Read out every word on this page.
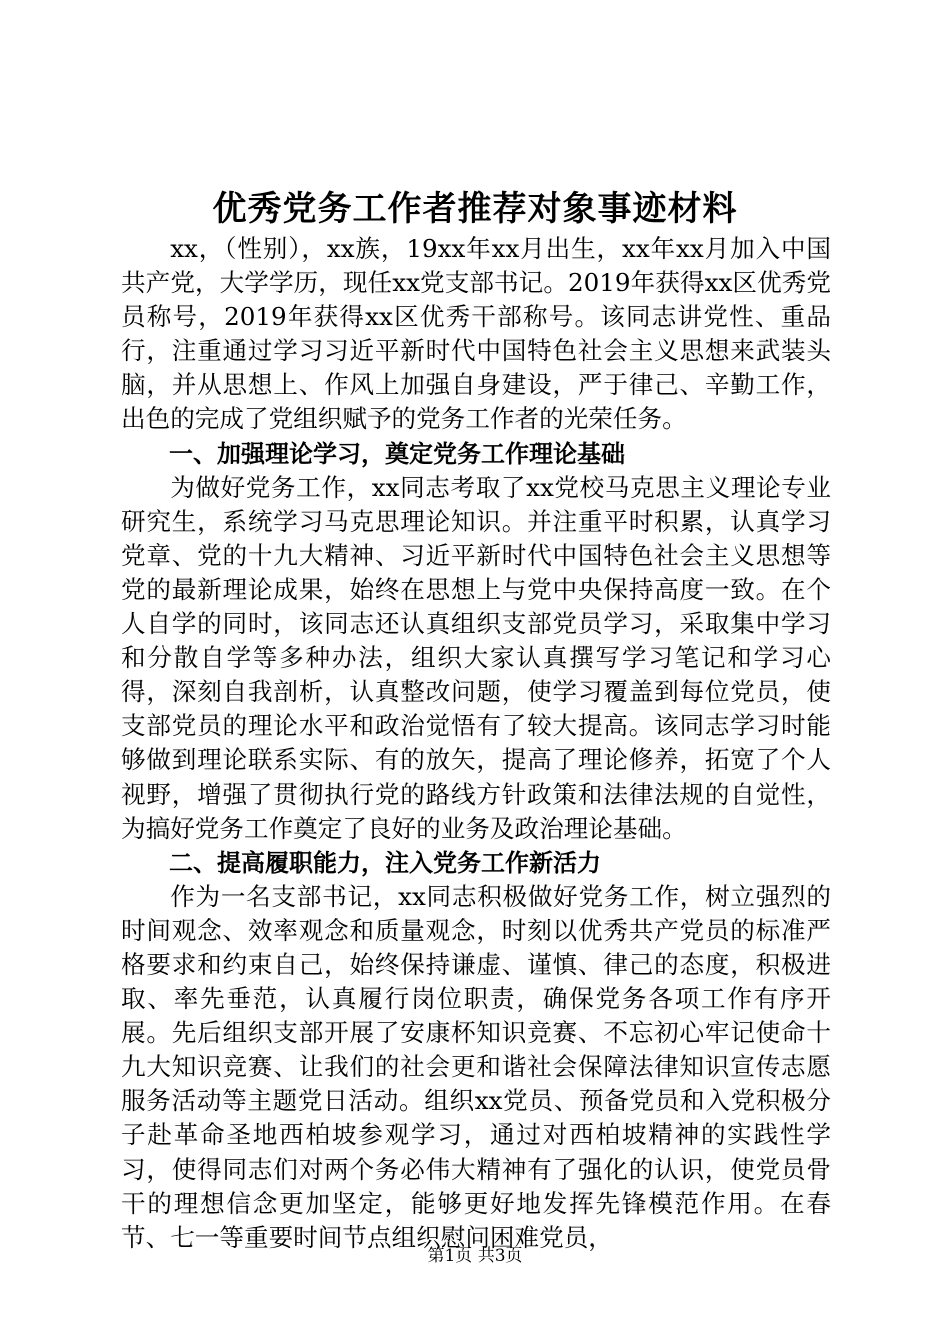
优秀党务工作者推荐对象事迹材料

xx，（性别），xx族，19xx年xx月出生，xx年xx月加入中国共产党，大学学历，现任xx党支部书记。2019年获得xx区优秀党员称号，2019年获得xx区优秀干部称号。该同志讲党性、重品行，注重通过学习习近平新时代中国特色社会主义思想来武装头脑，并从思想上、作风上加强自身建设，严于律己、辛勤工作，出色的完成了党组织赋予的党务工作者的光荣任务。

一、加强理论学习，奠定党务工作理论基础

为做好党务工作，xx同志考取了xx党校马克思主义理论专业研究生，系统学习马克思理论知识。并注重平时积累，认真学习党章、党的十九大精神、习近平新时代中国特色社会主义思想等党的最新理论成果，始终在思想上与党中央保持高度一致。在个人自学的同时，该同志还认真组织支部党员学习，采取集中学习和分散自学等多种办法，组织大家认真撰写学习笔记和学习心得，深刻自我剖析，认真整改问题，使学习覆盖到每位党员，使支部党员的理论水平和政治觉悟有了较大提高。该同志学习时能够做到理论联系实际、有的放矢，提高了理论修养，拓宽了个人视野，增强了贯彻执行党的路线方针政策和法律法规的自觉性，为搞好党务工作奠定了良好的业务及政治理论基础。

二、提高履职能力，注入党务工作新活力

作为一名支部书记，xx同志积极做好党务工作，树立强烈的时间观念、效率观念和质量观念，时刻以优秀共产党员的标准严格要求和约束自己，始终保持谦虚、谨慎、律己的态度，积极进取、率先垂范，认真履行岗位职责，确保党务各项工作有序开展。先后组织支部开展了安康杯知识竞赛、不忘初心牢记使命十九大知识竞赛、让我们的社会更和谐社会保障法律知识宣传志愿服务活动等主题党日活动。组织xx党员、预备党员和入党积极分子赴革命圣地西柏坡参观学习，通过对西柏坡精神的实践性学习，使得同志们对两个务必伟大精神有了强化的认识，使党员骨干的理想信念更加坚定，能够更好地发挥先锋模范作用。在春节、七一等重要时间节点组织慰问困难党员，

第1页 共3页
